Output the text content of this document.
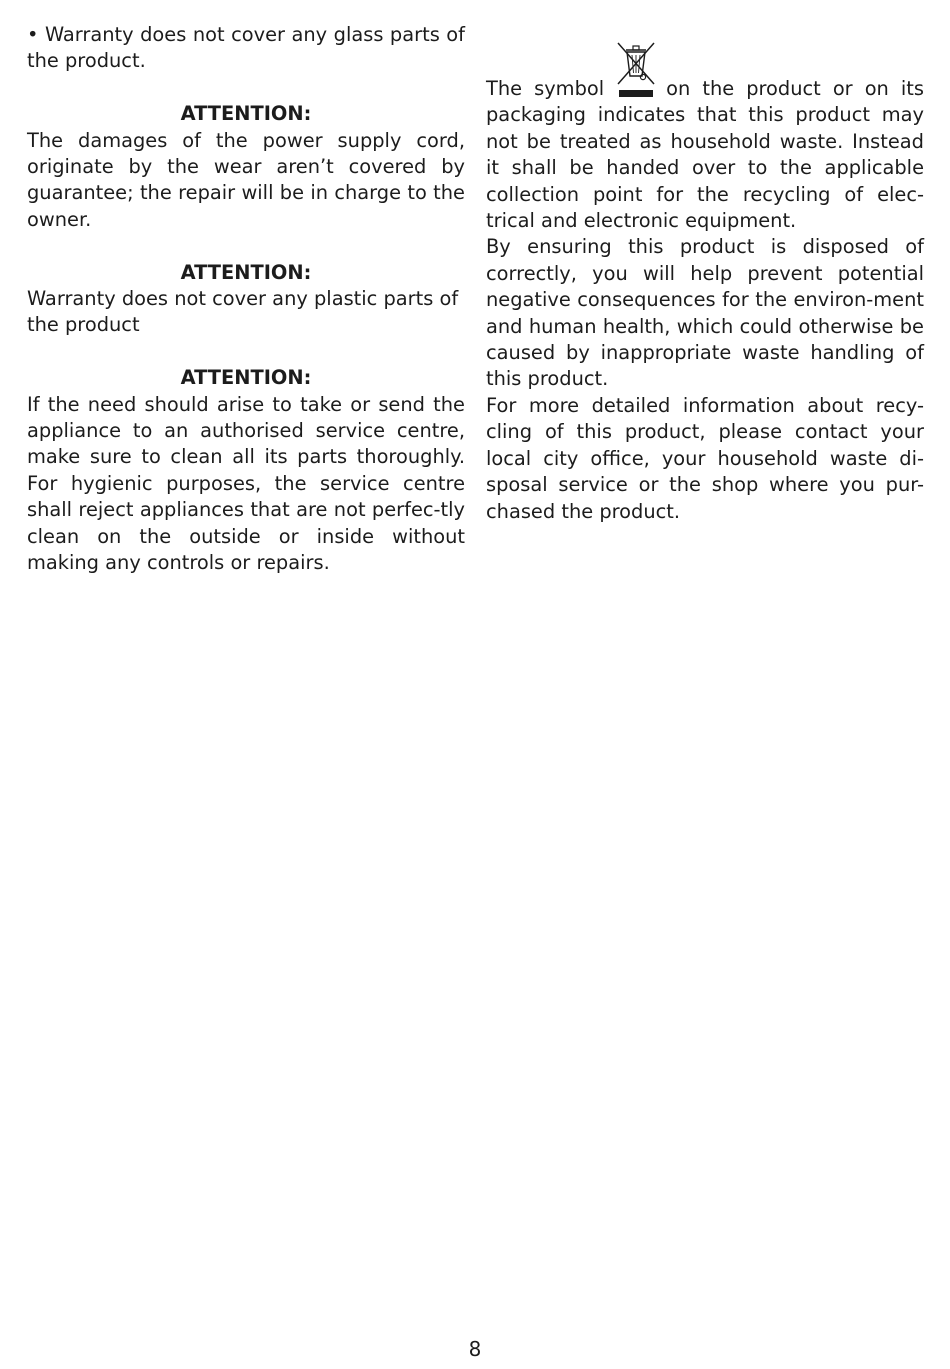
• Warranty does not cover any glass parts of the product.

ATTENTION:

The damages of the power supply cord, originate by the wear aren’t covered by guarantee; the repair will be in charge to the owner.

ATTENTION:

Warranty does not cover any plastic parts of the product

ATTENTION:

If the need should arise to take or send the appliance to an authorised service centre, make sure to clean all its parts thoroughly. For hygienic purposes, the service centre shall reject appliances that are not perfec-tly clean on the outside or inside without making any controls or repairs.

The symbol	on the product or on its packaging indicates that this product may not be treated as household waste. Instead it shall be handed over to the applicable collection point for the recycling of elec-trical and electronic equipment.

By ensuring this product is disposed of correctly, you will help prevent potential negative consequences for the environ-ment and human health, which could otherwise be caused by inappropriate waste handling of this product.

For more detailed information about recy-cling of this product, please contact your local city office, your household waste di-sposal service or the shop where you pur-chased the product.

8
